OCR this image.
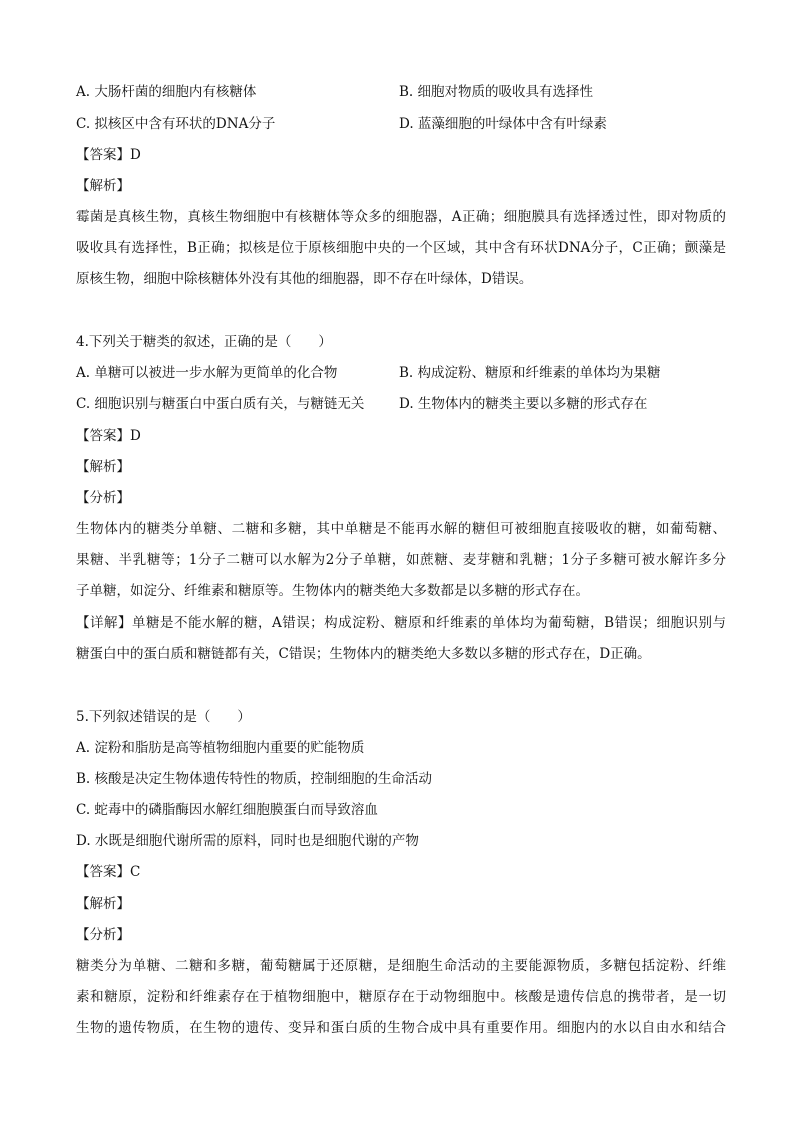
A. 大肠杆菌的细胞内有核糖体	B. 细胞对物质的吸收具有选择性
C. 拟核区中含有环状的DNA分子	D. 蓝藻细胞的叶绿体中含有叶绿素
【答案】D
【解析】
霉菌是真核生物，真核生物细胞中有核糖体等众多的细胞器，A正确；细胞膜具有选择透过性，即对物质的
吸收具有选择性，B正确；拟核是位于原核细胞中央的一个区域，其中含有环状DNA分子，C正确；颤藻是
原核生物，细胞中除核糖体外没有其他的细胞器，即不存在叶绿体，D错误。
4.下列关于糖类的叙述，正确的是（　　）
A. 单糖可以被进一步水解为更简单的化合物	B. 构成淀粉、糖原和纤维素的单体均为果糖
C. 细胞识别与糖蛋白中蛋白质有关，与糖链无关	D. 生物体内的糖类主要以多糖的形式存在
【答案】D
【解析】
【分析】
生物体内的糖类分单糖、二糖和多糖，其中单糖是不能再水解的糖但可被细胞直接吸收的糖，如葡萄糖、
果糖、半乳糖等；1分子二糖可以水解为2分子单糖，如蔗糖、麦芽糖和乳糖；1分子多糖可被水解许多分
子单糖，如淀分、纤维素和糖原等。生物体内的糖类绝大多数都是以多糖的形式存在。
【详解】单糖是不能水解的糖，A错误；构成淀粉、糖原和纤维素的单体均为葡萄糖，B错误；细胞识别与
糖蛋白中的蛋白质和糖链都有关，C错误；生物体内的糖类绝大多数以多糖的形式存在，D正确。
5.下列叙述错误的是（　　）
A. 淀粉和脂肪是高等植物细胞内重要的贮能物质
B. 核酸是决定生物体遗传特性的物质，控制细胞的生命活动
C. 蛇毒中的磷脂酶因水解红细胞膜蛋白而导致溶血
D. 水既是细胞代谢所需的原料，同时也是细胞代谢的产物
【答案】C
【解析】
【分析】
糖类分为单糖、二糖和多糖，葡萄糖属于还原糖，是细胞生命活动的主要能源物质，多糖包括淀粉、纤维
素和糖原，淀粉和纤维素存在于植物细胞中，糖原存在于动物细胞中。核酸是遗传信息的携带者，是一切
生物的遗传物质，在生物的遗传、变异和蛋白质的生物合成中具有重要作用。细胞内的水以自由水和结合
